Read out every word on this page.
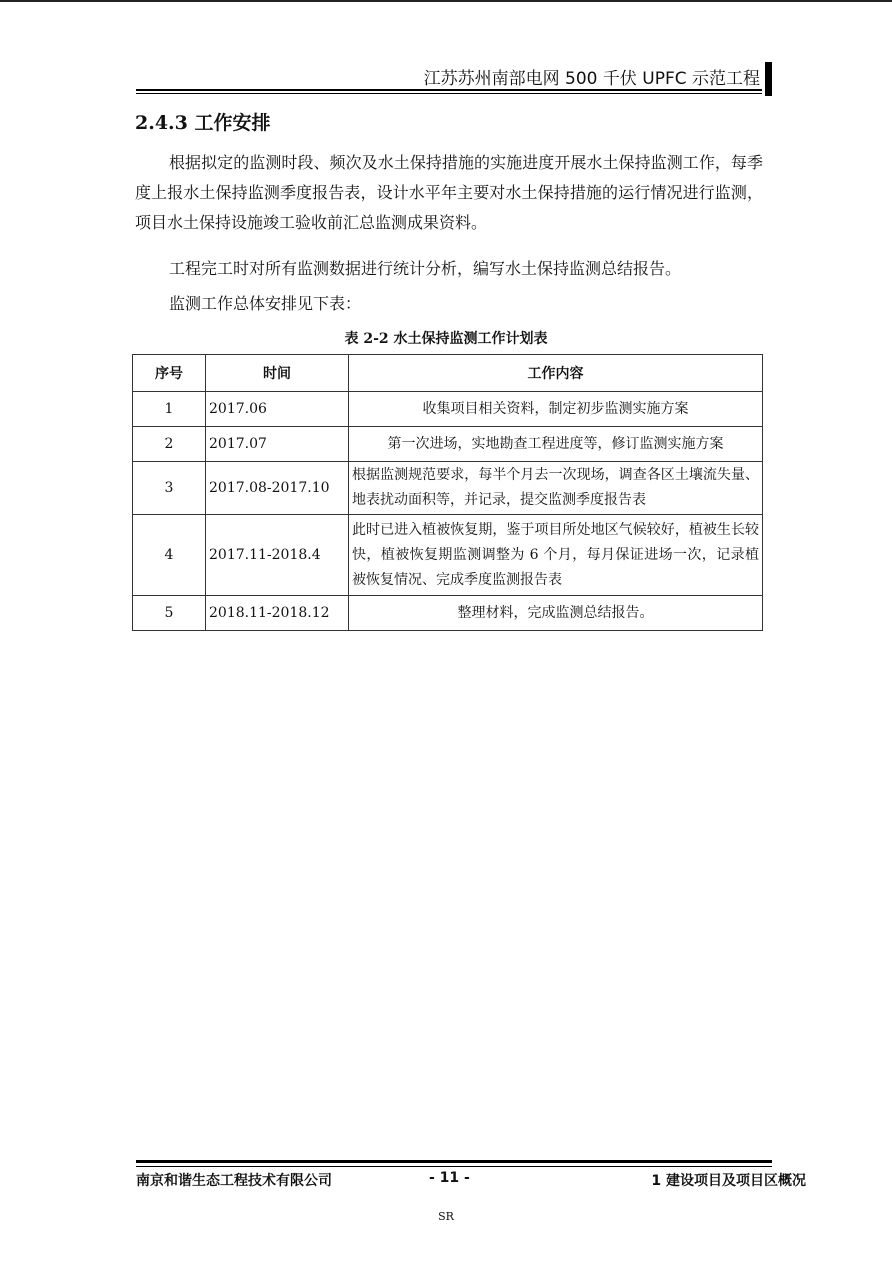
江苏苏州南部电网 500 千伏 UPFC 示范工程
2.4.3 工作安排

根据拟定的监测时段、频次及水土保持措施的实施进度开展水土保持监测工作，每季度上报水土保持监测季度报告表，设计水平年主要对水土保持措施的运行情况进行监测，项目水土保持设施竣工验收前汇总监测成果资料。

工程完工时对所有监测数据进行统计分析，编写水土保持监测总结报告。

监测工作总体安排见下表：

表 2-2 水土保持监测工作计划表
序号	时间	工作内容
1	2017.06	收集项目相关资料，制定初步监测实施方案
2	2017.07	第一次进场，实地勘查工程进度等，修订监测实施方案
3	2017.08-2017.10	根据监测规范要求，每半个月去一次现场，调查各区土壤流失量、地表扰动面积等，并记录，提交监测季度报告表
4	2017.11-2018.4	此时已进入植被恢复期，鉴于项目所处地区气候较好，植被生长较快，植被恢复期监测调整为 6 个月，每月保证进场一次，记录植被恢复情况、完成季度监测报告表
5	2018.11-2018.12	整理材料，完成监测总结报告。
南京和谐生态工程技术有限公司	- 11 -	1 建设项目及项目区概况
SR
